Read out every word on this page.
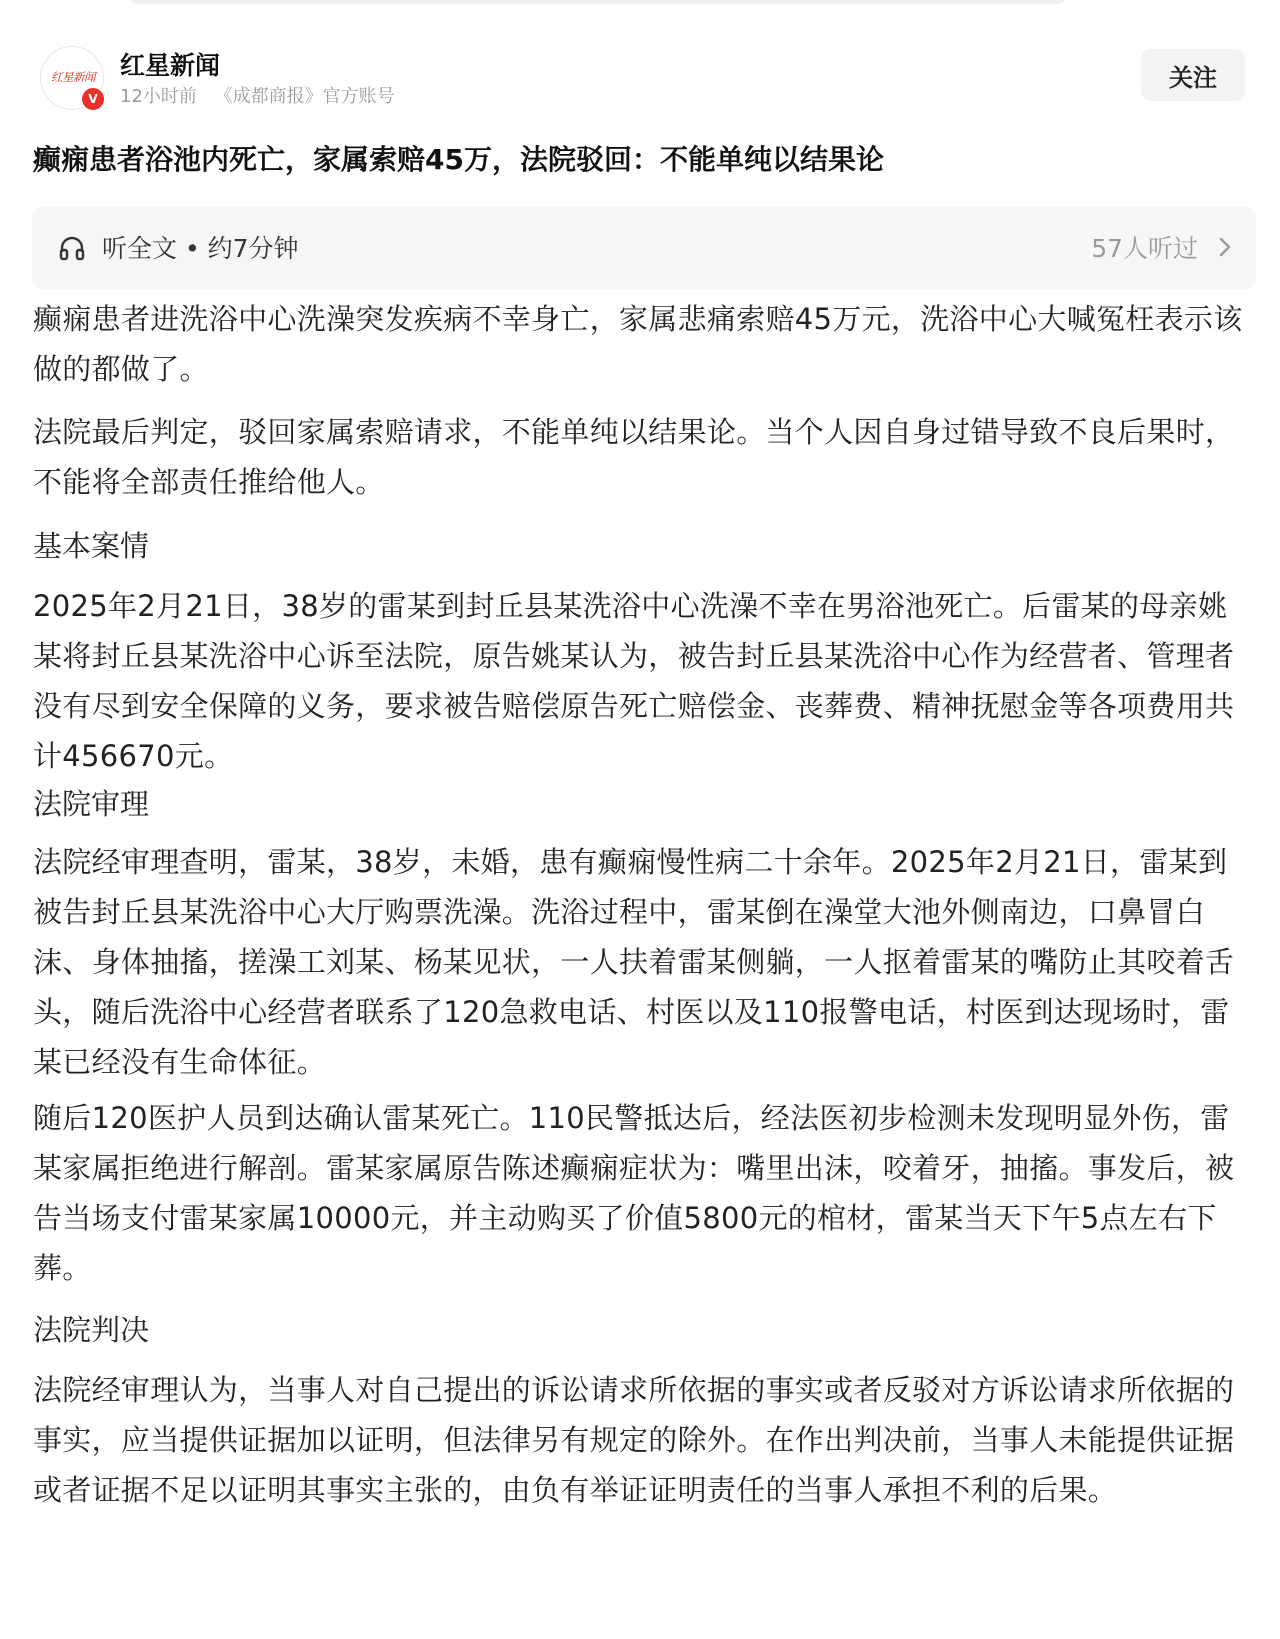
红星新闻
V
红星新闻
12小时前 《成都商报》官方账号
关注
癫痫患者浴池内死亡，家属索赔45万，法院驳回：不能单纯以结果论
听全文 • 约7分钟	57人听过

癫痫患者进洗浴中心洗澡突发疾病不幸身亡，家属悲痛索赔45万元，洗浴中心大喊冤枉表示该做的都做了。

法院最后判定，驳回家属索赔请求，不能单纯以结果论。当个人因自身过错导致不良后果时，不能将全部责任推给他人。

基本案情

2025年2月21日，38岁的雷某到封丘县某洗浴中心洗澡不幸在男浴池死亡。后雷某的母亲姚某将封丘县某洗浴中心诉至法院，原告姚某认为，被告封丘县某洗浴中心作为经营者、管理者没有尽到安全保障的义务，要求被告赔偿原告死亡赔偿金、丧葬费、精神抚慰金等各项费用共计456670元。

法院审理

法院经审理查明，雷某，38岁，未婚，患有癫痫慢性病二十余年。2025年2月21日，雷某到被告封丘县某洗浴中心大厅购票洗澡。洗浴过程中，雷某倒在澡堂大池外侧南边，口鼻冒白沫、身体抽搐，搓澡工刘某、杨某见状，一人扶着雷某侧躺，一人抠着雷某的嘴防止其咬着舌头，随后洗浴中心经营者联系了120急救电话、村医以及110报警电话，村医到达现场时，雷某已经没有生命体征。

随后120医护人员到达确认雷某死亡。110民警抵达后，经法医初步检测未发现明显外伤，雷某家属拒绝进行解剖。雷某家属原告陈述癫痫症状为：嘴里出沫，咬着牙，抽搐。事发后，被告当场支付雷某家属10000元，并主动购买了价值5800元的棺材，雷某当天下午5点左右下葬。

法院判决

法院经审理认为，当事人对自己提出的诉讼请求所依据的事实或者反驳对方诉讼请求所依据的事实，应当提供证据加以证明，但法律另有规定的除外。在作出判决前，当事人未能提供证据或者证据不足以证明其事实主张的，由负有举证证明责任的当事人承担不利的后果。
